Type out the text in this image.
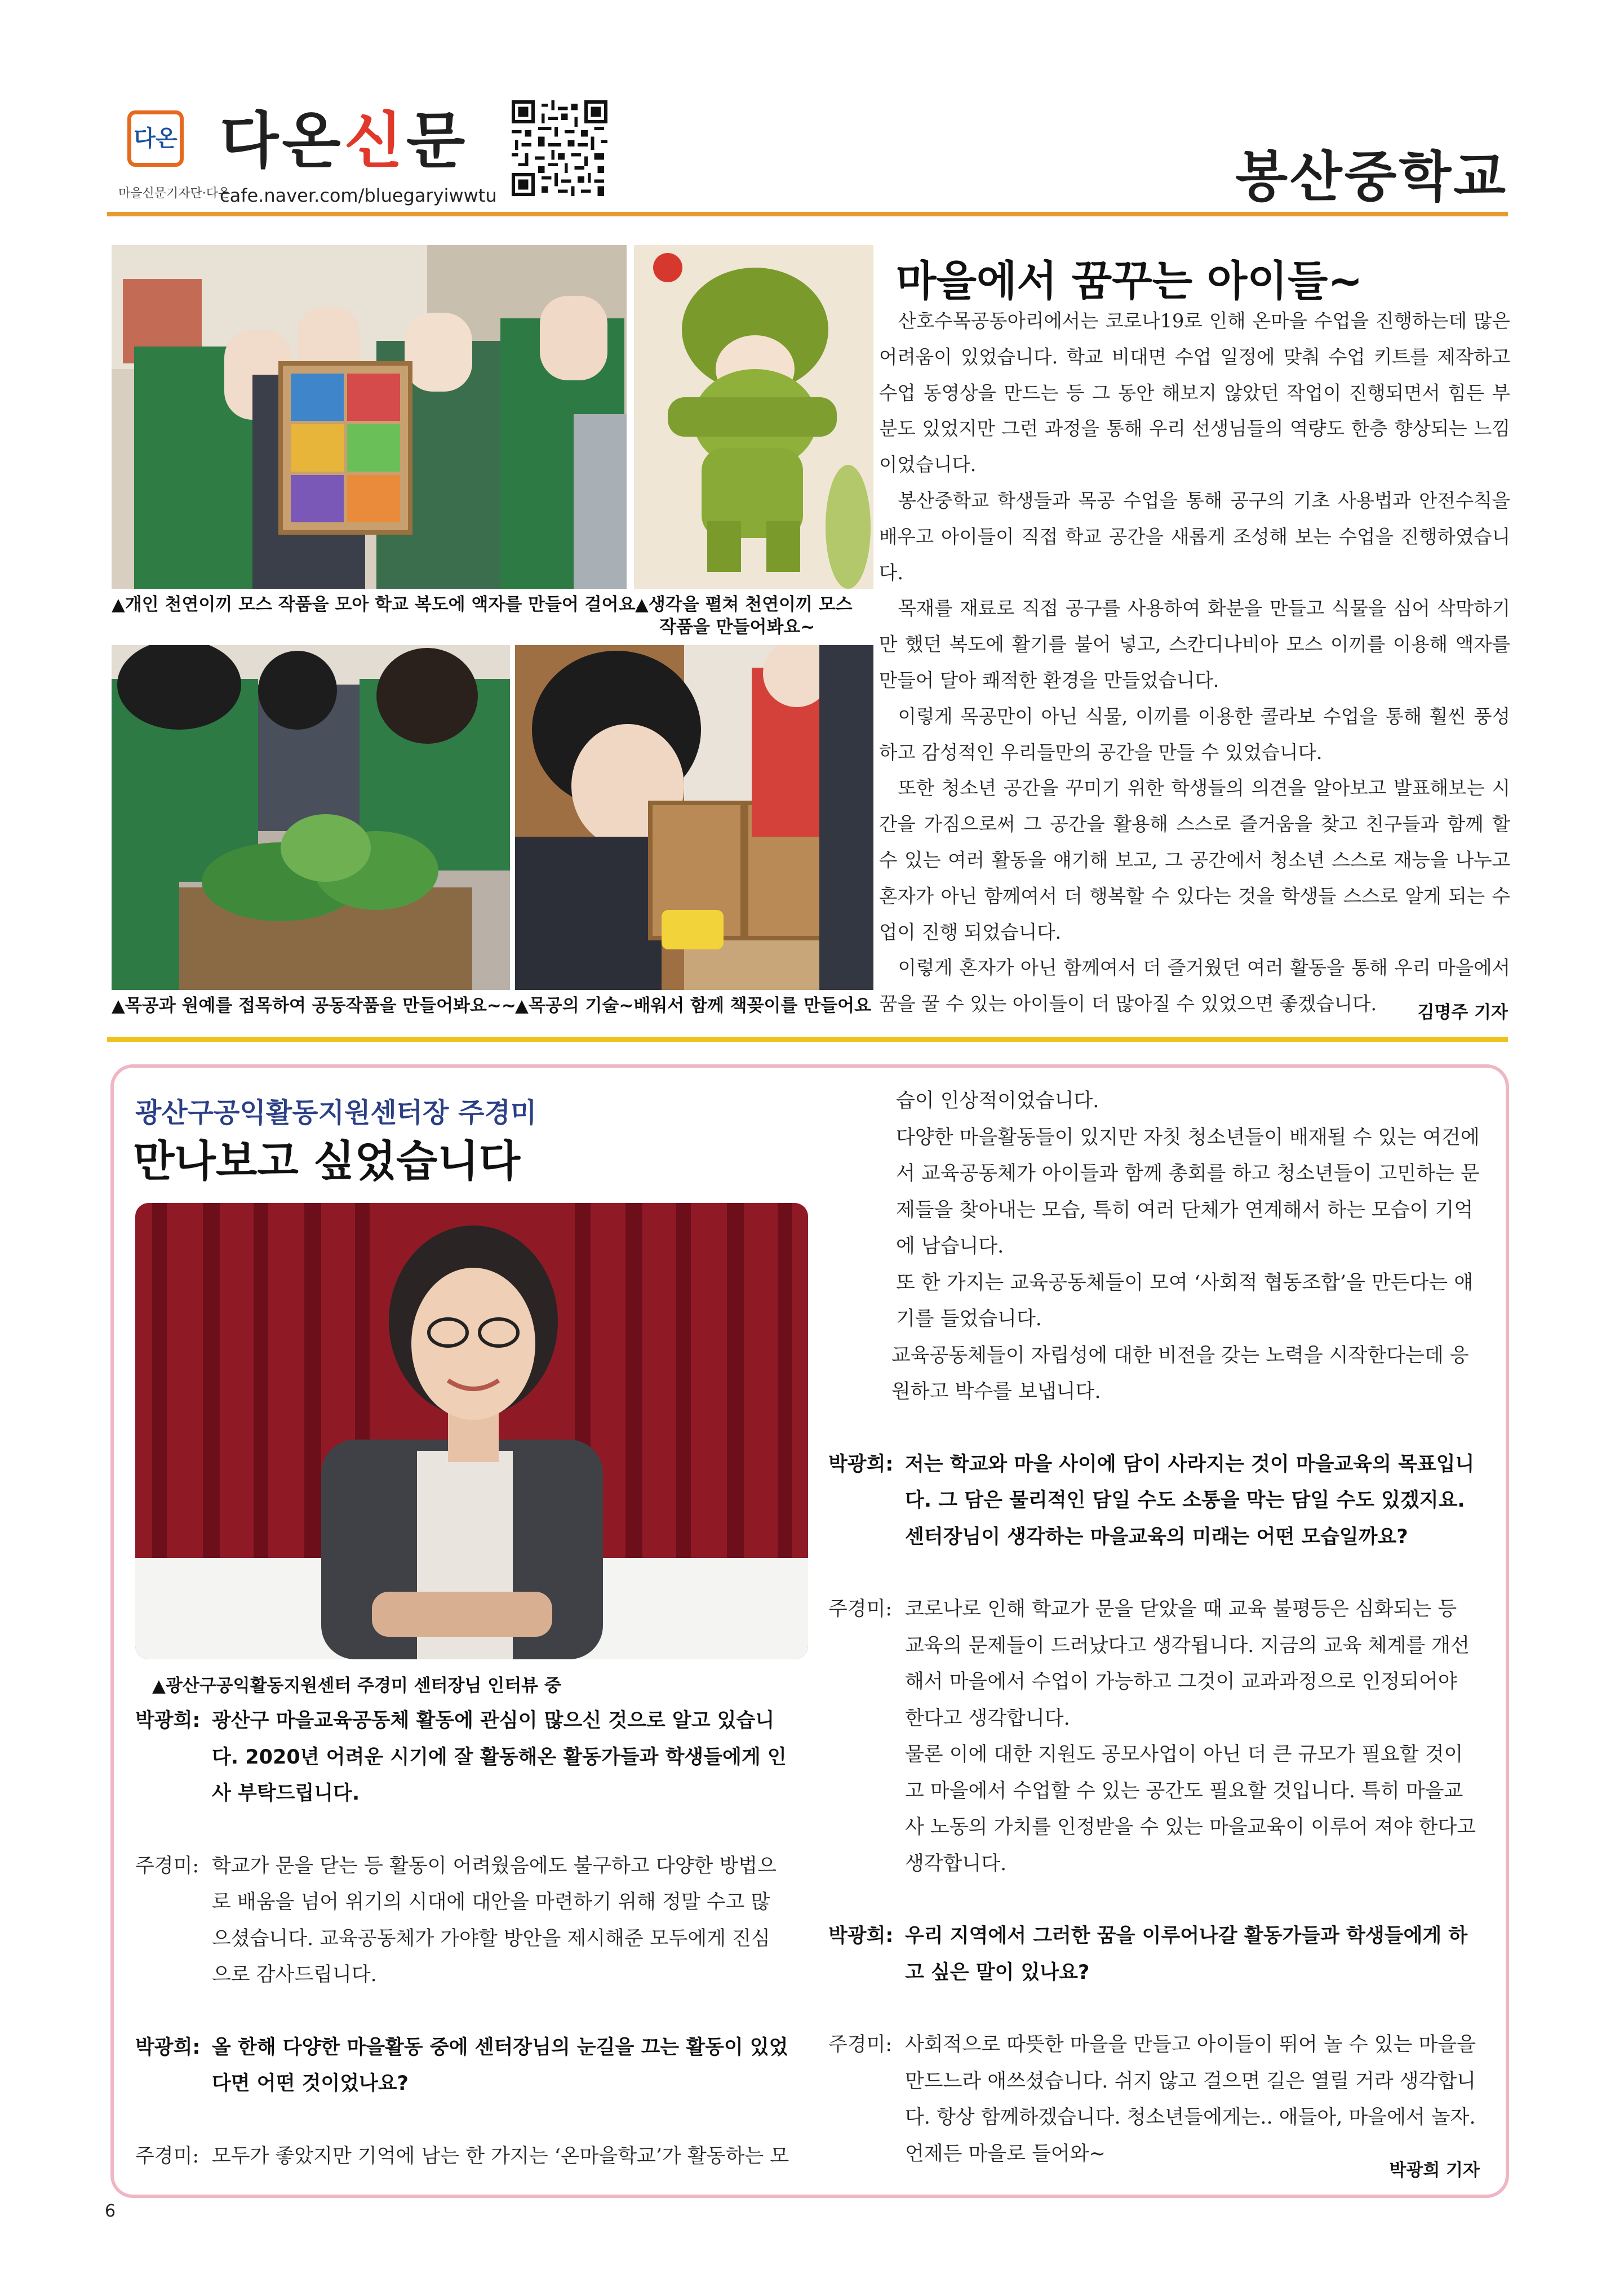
다온
마을신문기자단·다온
다온신문
cafe.naver.com/bluegaryiwwtu	봉산중학교
▲개인 천연이끼 모스 작품을 모아 학교 복도에 액자를 만들어 걸어요.
▲생각을 펼쳐 천연이끼 모스
작품을 만들어봐요~
▲목공과 원예를 접목하여 공동작품을 만들어봐요~~
▲목공의 기술~배워서 함께 책꽂이를 만들어요
마을에서 꿈꾸는 아이들~

산호수목공동아리에서는 코로나19로 인해 온마을 수업을 진행하는데 많은 어려움이 있었습니다. 학교 비대면 수업 일정에 맞춰 수업 키트를 제작하고 수업 동영상을 만드는 등 그 동안 해보지 않았던 작업이 진행되면서 힘든 부분도 있었지만 그런 과정을 통해 우리 선생님들의 역량도 한층 향상되는 느낌이었습니다.

봉산중학교 학생들과 목공 수업을 통해 공구의 기초 사용법과 안전수칙을 배우고 아이들이 직접 학교 공간을 새롭게 조성해 보는 수업을 진행하였습니다.

목재를 재료로 직접 공구를 사용하여 화분을 만들고 식물을 심어 삭막하기만 했던 복도에 활기를 불어 넣고, 스칸디나비아 모스 이끼를 이용해 액자를 만들어 달아 쾌적한 환경을 만들었습니다.

이렇게 목공만이 아닌 식물, 이끼를 이용한 콜라보 수업을 통해 훨씬 풍성하고 감성적인 우리들만의 공간을 만들 수 있었습니다.

또한 청소년 공간을 꾸미기 위한 학생들의 의견을 알아보고 발표해보는 시간을 가짐으로써 그 공간을 활용해 스스로 즐거움을 찾고 친구들과 함께 할 수 있는 여러 활동을 얘기해 보고, 그 공간에서 청소년 스스로 재능을 나누고 혼자가 아닌 함께여서 더 행복할 수 있다는 것을 학생들 스스로 알게 되는 수업이 진행 되었습니다.

이렇게 혼자가 아닌 함께여서 더 즐거웠던 여러 활동을 통해 우리 마을에서 꿈을 꿀 수 있는 아이들이 더 많아질 수 있었으면 좋겠습니다.	김명주 기자
광산구공익활동지원센터장 주경미
만나보고 싶었습니다
▲광산구공익활동지원센터 주경미 센터장님 인터뷰 중
박광희: 광산구 마을교육공동체 활동에 관심이 많으신 것으로 알고 있습니다. 2020년 어려운 시기에 잘 활동해온 활동가들과 학생들에게 인사 부탁드립니다.
주경미: 학교가 문을 닫는 등 활동이 어려웠음에도 불구하고 다양한 방법으로 배움을 넘어 위기의 시대에 대안을 마련하기 위해 정말 수고 많으셨습니다. 교육공동체가 가야할 방안을 제시해준 모두에게 진심으로 감사드립니다.
박광희: 올 한해 다양한 마을활동 중에 센터장님의 눈길을 끄는 활동이 있었다면 어떤 것이었나요?
주경미: 모두가 좋았지만 기억에 남는 한 가지는 ‘온마을학교’가 활동하는 모

습이 인상적이었습니다.

다양한 마을활동들이 있지만 자칫 청소년들이 배재될 수 있는 여건에서 교육공동체가 아이들과 함께 총회를 하고 청소년들이 고민하는 문제들을 찾아내는 모습, 특히 여러 단체가 연계해서 하는 모습이 기억에 남습니다.

또 한 가지는 교육공동체들이 모여 ‘사회적 협동조합’을 만든다는 얘기를 들었습니다.

교육공동체들이 자립성에 대한 비전을 갖는 노력을 시작한다는데 응원하고 박수를 보냅니다.

박광희: 저는 학교와 마을 사이에 담이 사라지는 것이 마을교육의 목표입니다. 그 담은 물리적인 담일 수도 소통을 막는 담일 수도 있겠지요. 센터장님이 생각하는 마을교육의 미래는 어떤 모습일까요?
주경미: 코로나로 인해 학교가 문을 닫았을 때 교육 불평등은 심화되는 등 교육의 문제들이 드러났다고 생각됩니다. 지금의 교육 체계를 개선해서 마을에서 수업이 가능하고 그것이 교과과정으로 인정되어야 한다고 생각합니다.
물론 이에 대한 지원도 공모사업이 아닌 더 큰 규모가 필요할 것이고 마을에서 수업할 수 있는 공간도 필요할 것입니다. 특히 마을교사 노동의 가치를 인정받을 수 있는 마을교육이 이루어 져야 한다고 생각합니다.
박광희: 우리 지역에서 그러한 꿈을 이루어나갈 활동가들과 학생들에게 하고 싶은 말이 있나요?
주경미: 사회적으로 따뜻한 마을을 만들고 아이들이 뛰어 놀 수 있는 마을을 만드느라 애쓰셨습니다. 쉬지 않고 걸으면 길은 열릴 거라 생각합니다. 항상 함께하겠습니다. 청소년들에게는.. 애들아, 마을에서 놀자. 언제든 마을로 들어와~
박광희 기자
6
